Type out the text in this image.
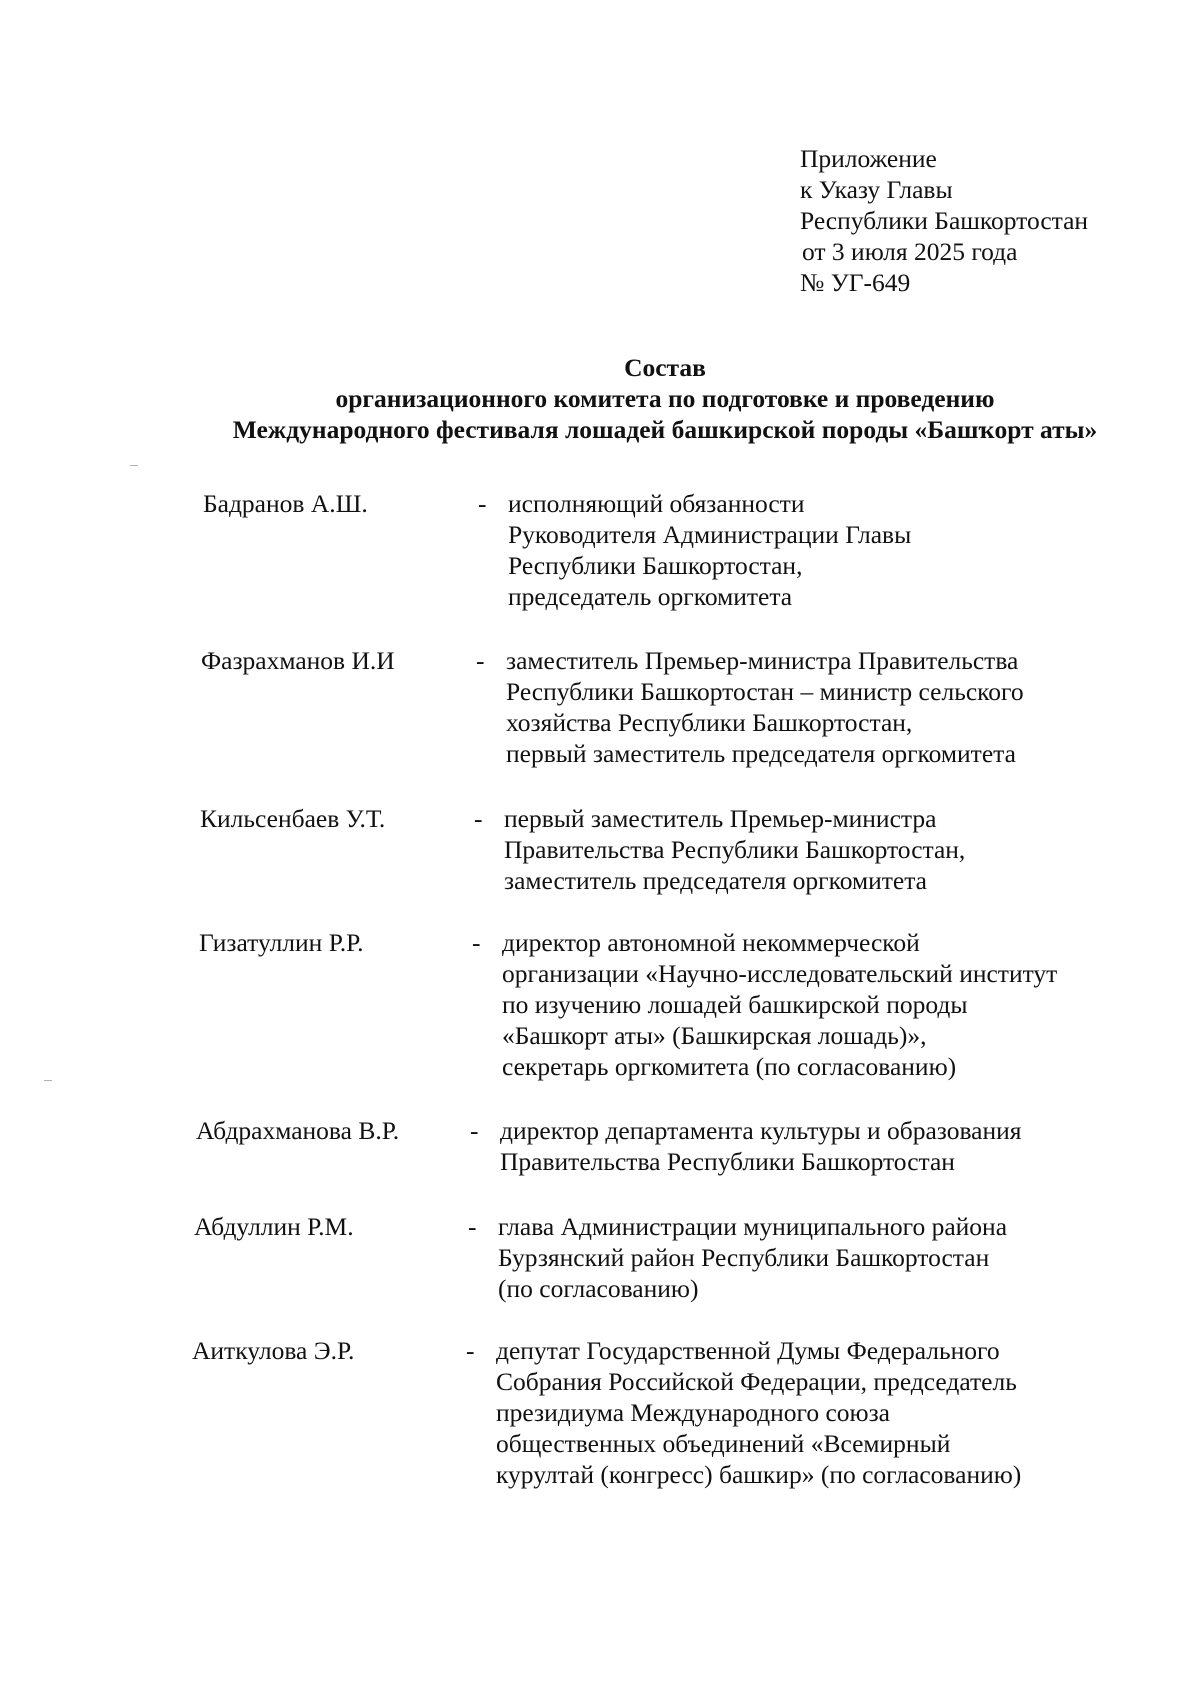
Приложение
к Указу Главы
Республики Башкортостан
от 3 июля 2025 года
№ УГ-649
Состав
организационного комитета по подготовке и проведению
Международного фестиваля лошадей башкирской породы «Башҡорт аты»
Бадранов А.Ш.	- исполняющий обязанности
Руководителя Администрации Главы
Республики Башкортостан,
председатель оргкомитета
Фазрахманов И.И	- заместитель Премьер-министра Правительства
Республики Башкортостан – министр сельского
хозяйства Республики Башкортостан,
первый заместитель председателя оргкомитета
Кильсенбаев У.Т.	- первый заместитель Премьер-министра
Правительства Республики Башкортостан,
заместитель председателя оргкомитета
Гизатуллин Р.Р.	- директор автономной некоммерческой
организации «Научно-исследовательский институт
по изучению лошадей башкирской породы
«Башкорт аты» (Башкирская лошадь)»,
секретарь оргкомитета (по согласованию)
Абдрахманова В.Р.	- директор департамента культуры и образования
Правительства Республики Башкортостан
Абдуллин Р.М.	- глава Администрации муниципального района
Бурзянский район Республики Башкортостан
(по согласованию)
Аиткулова Э.Р.	- депутат Государственной Думы Федерального
Собрания Российской Федерации, председатель
президиума Международного союза
общественных объединений «Всемирный
курултай (конгресс) башкир» (по согласованию)
